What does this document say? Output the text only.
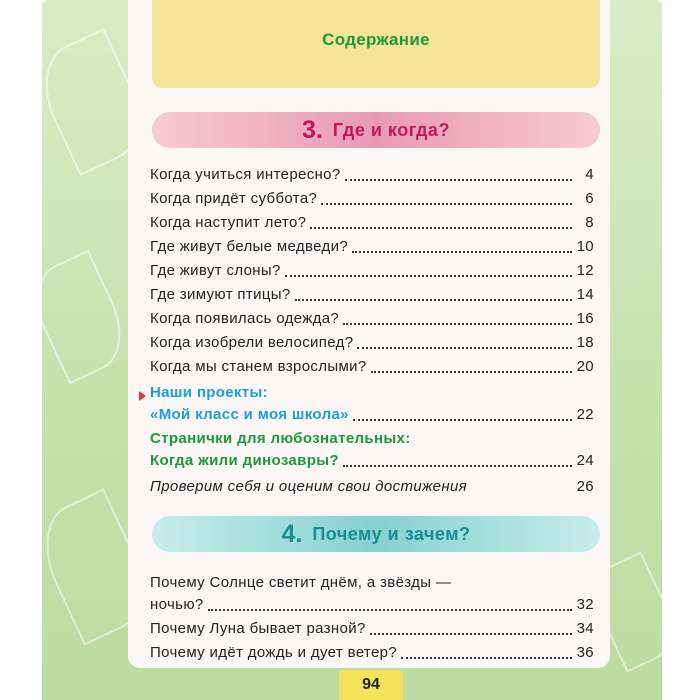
Содержание
3. Где и когда?
Когда учиться интересно?	4
Когда придёт суббота?	6
Когда наступит лето?	8
Где живут белые медведи?	10
Где живут слоны?	12
Где зимуют птицы?	14
Когда появилась одежда?	16
Когда изобрели велосипед?	18
Когда мы станем взрослыми?	20
Наши проекты:
«Мой класс и моя школа»	22
Странички для любознательных:
Когда жили динозавры?	24
Проверим себя и оценим свои достижения	26
4. Почему и зачем?
Почему Солнце светит днём, а звёзды —
ночью?	32
Почему Луна бывает разной?	34
Почему идёт дождь и дует ветер?	36
94
